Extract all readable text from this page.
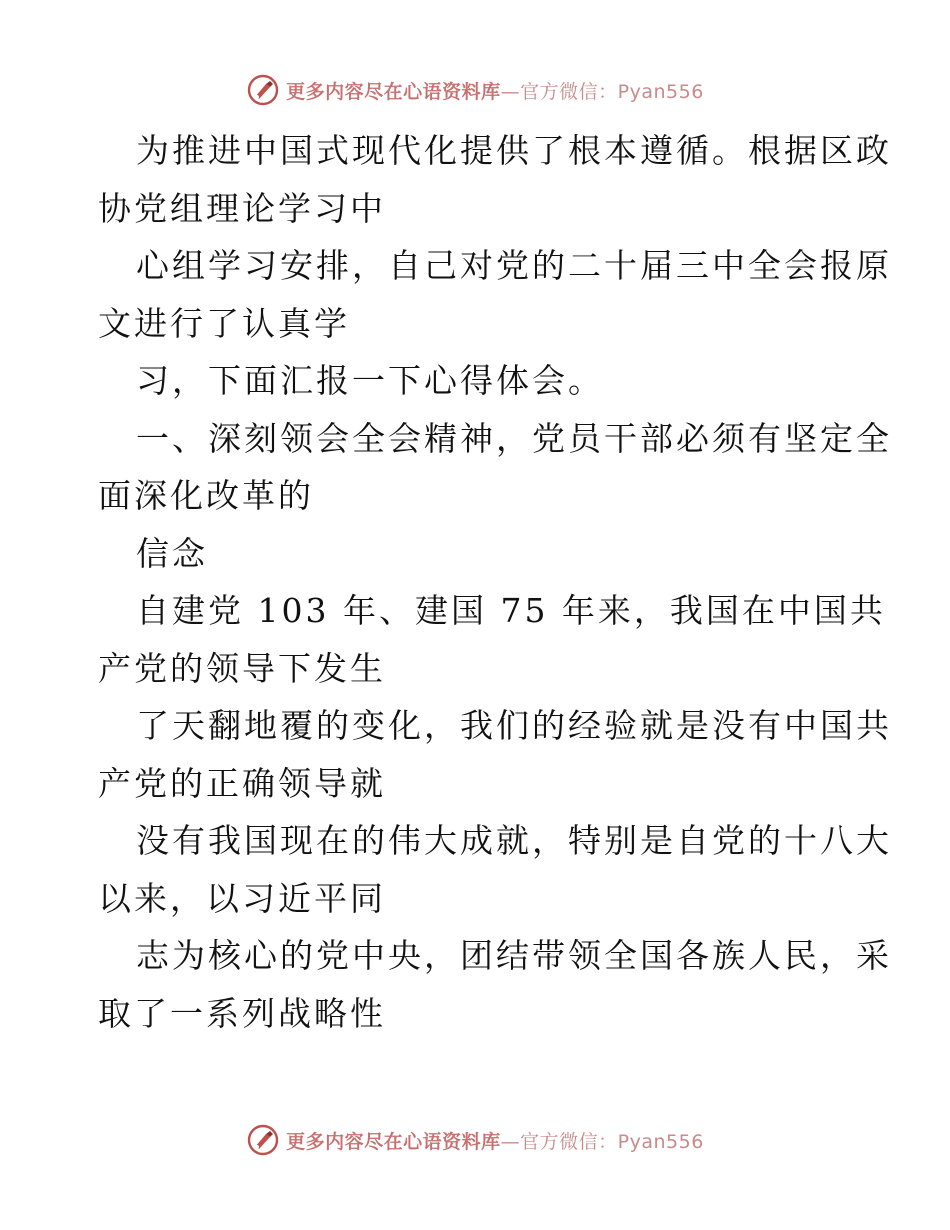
更多内容尽在心语资料库—官方微信：Pyan556
为推进中国式现代化提供了根本遵循。根据区政
协党组理论学习中
心组学习安排，自己对党的二十届三中全会报原
文进行了认真学
习，下面汇报一下心得体会。
一、深刻领会全会精神，党员干部必须有坚定全
面深化改革的
信念
自建党 103 年、建国 75 年来，我国在中国共
产党的领导下发生
了天翻地覆的变化，我们的经验就是没有中国共
产党的正确领导就
没有我国现在的伟大成就，特别是自党的十八大
以来，以习近平同
志为核心的党中央，团结带领全国各族人民，采
取了一系列战略性
更多内容尽在心语资料库—官方微信：Pyan556
